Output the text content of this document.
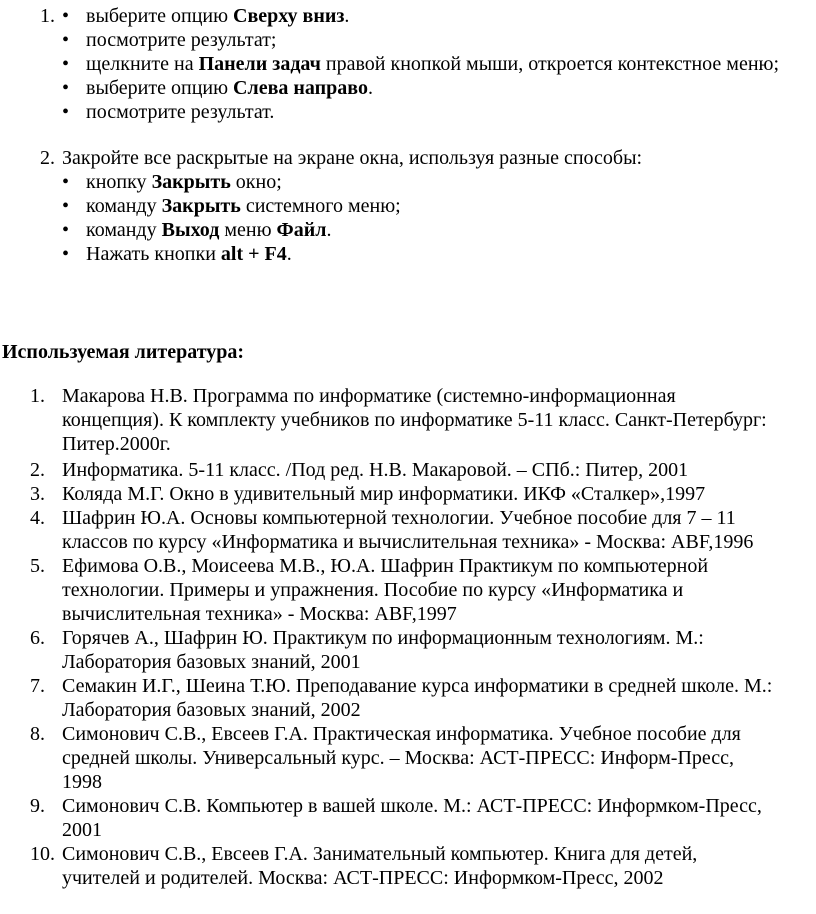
1. • выберите опцию Сверху вниз.
• посмотрите результат;
• щелкните на Панели задач правой кнопкой мыши, откроется контекстное меню;
• выберите опцию Слева направо.
• посмотрите результат.
2. Закройте все раскрытые на экране окна, используя разные способы:
• кнопку Закрыть окно;
• команду Закрыть системного меню;
• команду Выход меню Файл.
• Нажать кнопки alt + F4.
Используемая литература:
1. Макарова Н.В. Программа по информатике (системно-информационная
концепция). К комплекту учебников по информатике 5-11 класс. Санкт-Петербург:
Питер.2000г.
2. Информатика. 5-11 класс. /Под ред. Н.В. Макаровой. – СПб.: Питер, 2001
3. Коляда М.Г. Окно в удивительный мир информатики. ИКФ «Сталкер»,1997
4. Шафрин Ю.А. Основы компьютерной технологии. Учебное пособие для 7 – 11
классов по курсу «Информатика и вычислительная техника» - Москва: ABF,1996
5. Ефимова О.В., Моисеева М.В., Ю.А. Шафрин Практикум по компьютерной
технологии. Примеры и упражнения. Пособие по курсу «Информатика и
вычислительная техника» - Москва: ABF,1997
6. Горячев А., Шафрин Ю. Практикум по информационным технологиям. М.:
Лаборатория базовых знаний, 2001
7. Семакин И.Г., Шеина Т.Ю. Преподавание курса информатики в средней школе. М.:
Лаборатория базовых знаний, 2002
8. Симонович С.В., Евсеев Г.А. Практическая информатика. Учебное пособие для
средней школы. Универсальный курс. – Москва: АСТ-ПРЕСС: Информ-Пресс,
1998
9. Симонович С.В. Компьютер в вашей школе. М.: АСТ-ПРЕСС: Информком-Пресс,
2001
10. Симонович С.В., Евсеев Г.А. Занимательный компьютер. Книга для детей,
учителей и родителей. Москва: АСТ-ПРЕСС: Информком-Пресс, 2002
